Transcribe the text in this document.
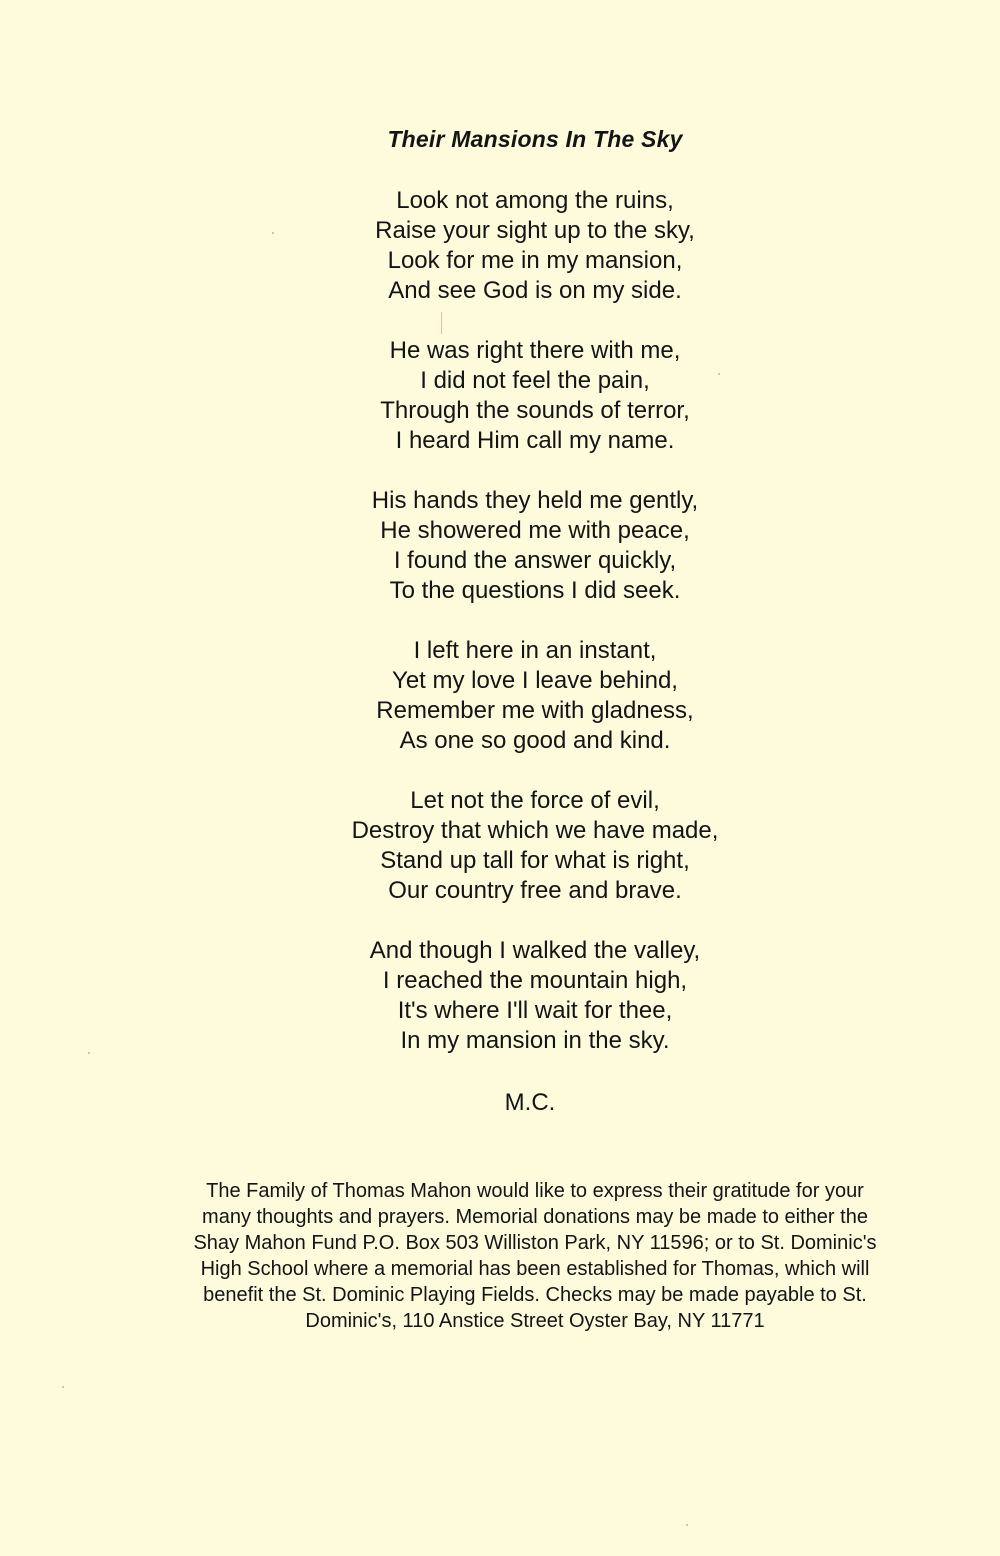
Their Mansions In The Sky
Look not among the ruins,
Raise your sight up to the sky,
Look for me in my mansion,
And see God is on my side.
He was right there with me,
I did not feel the pain,
Through the sounds of terror,
I heard Him call my name.
His hands they held me gently,
He showered me with peace,
I found the answer quickly,
To the questions I did seek.
I left here in an instant,
Yet my love I leave behind,
Remember me with gladness,
As one so good and kind.
Let not the force of evil,
Destroy that which we have made,
Stand up tall for what is right,
Our country free and brave.
And though I walked the valley,
I reached the mountain high,
It's where I'll wait for thee,
In my mansion in the sky.
M.C.
The Family of Thomas Mahon would like to express their gratitude for your
many thoughts and prayers. Memorial donations may be made to either the
Shay Mahon Fund P.O. Box 503 Williston Park, NY 11596; or to St. Dominic's
High School where a memorial has been established for Thomas, which will
benefit the St. Dominic Playing Fields. Checks may be made payable to St.
Dominic's, 110 Anstice Street Oyster Bay, NY 11771
